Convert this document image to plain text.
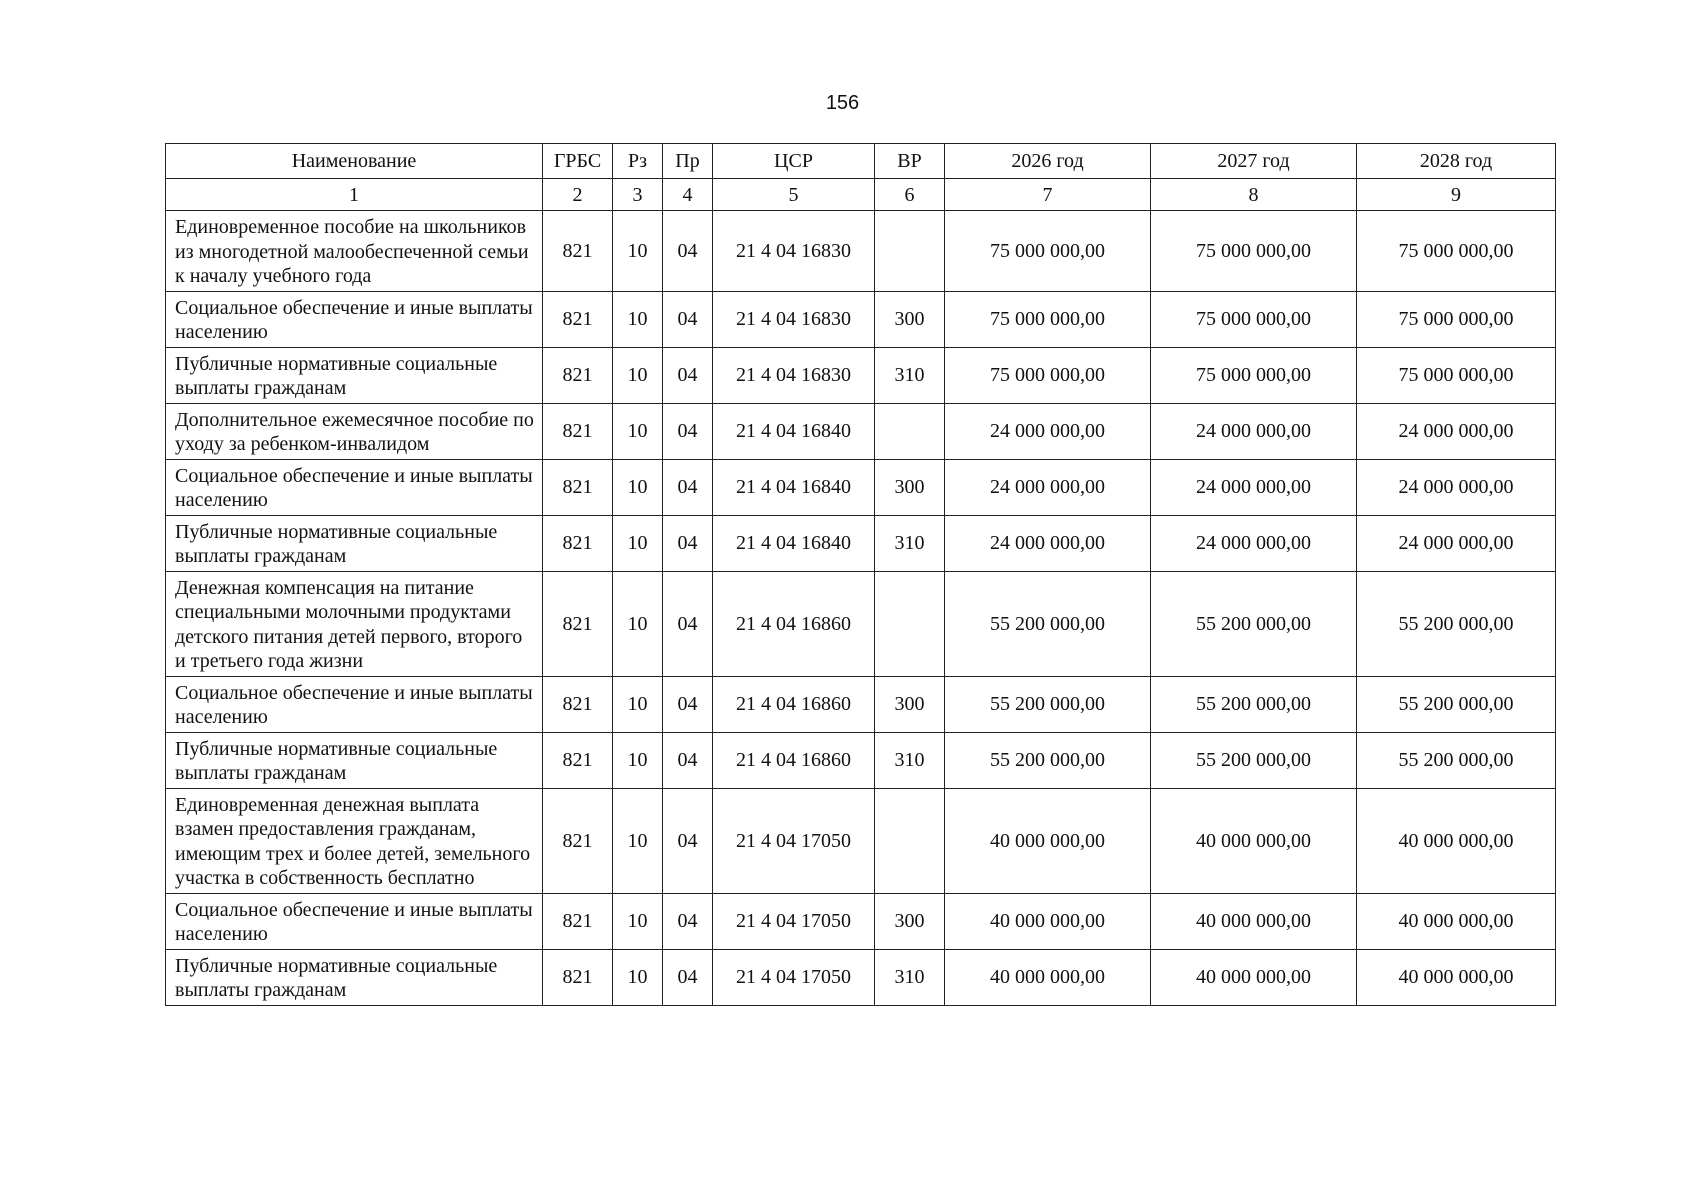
156
Наименование	ГРБС	Рз	Пр	ЦСР	ВР	2026 год	2027 год	2028 год
1	2	3	4	5	6	7	8	9
Единовременное пособие на школьников из многодетной малообеспеченной семьи к началу учебного года	821	10	04	21 4 04 16830		75 000 000,00	75 000 000,00	75 000 000,00
Социальное обеспечение и иные выплаты населению	821	10	04	21 4 04 16830	300	75 000 000,00	75 000 000,00	75 000 000,00
Публичные нормативные социальные выплаты гражданам	821	10	04	21 4 04 16830	310	75 000 000,00	75 000 000,00	75 000 000,00
Дополнительное ежемесячное пособие по уходу за ребенком-инвалидом	821	10	04	21 4 04 16840		24 000 000,00	24 000 000,00	24 000 000,00
Социальное обеспечение и иные выплаты населению	821	10	04	21 4 04 16840	300	24 000 000,00	24 000 000,00	24 000 000,00
Публичные нормативные социальные выплаты гражданам	821	10	04	21 4 04 16840	310	24 000 000,00	24 000 000,00	24 000 000,00
Денежная компенсация на питание специальными молочными продуктами детского питания детей первого, второго и третьего года жизни	821	10	04	21 4 04 16860		55 200 000,00	55 200 000,00	55 200 000,00
Социальное обеспечение и иные выплаты населению	821	10	04	21 4 04 16860	300	55 200 000,00	55 200 000,00	55 200 000,00
Публичные нормативные социальные выплаты гражданам	821	10	04	21 4 04 16860	310	55 200 000,00	55 200 000,00	55 200 000,00
Единовременная денежная выплата взамен предоставления гражданам, имеющим трех и более детей, земельного участка в собственность бесплатно	821	10	04	21 4 04 17050		40 000 000,00	40 000 000,00	40 000 000,00
Социальное обеспечение и иные выплаты населению	821	10	04	21 4 04 17050	300	40 000 000,00	40 000 000,00	40 000 000,00
Публичные нормативные социальные выплаты гражданам	821	10	04	21 4 04 17050	310	40 000 000,00	40 000 000,00	40 000 000,00
